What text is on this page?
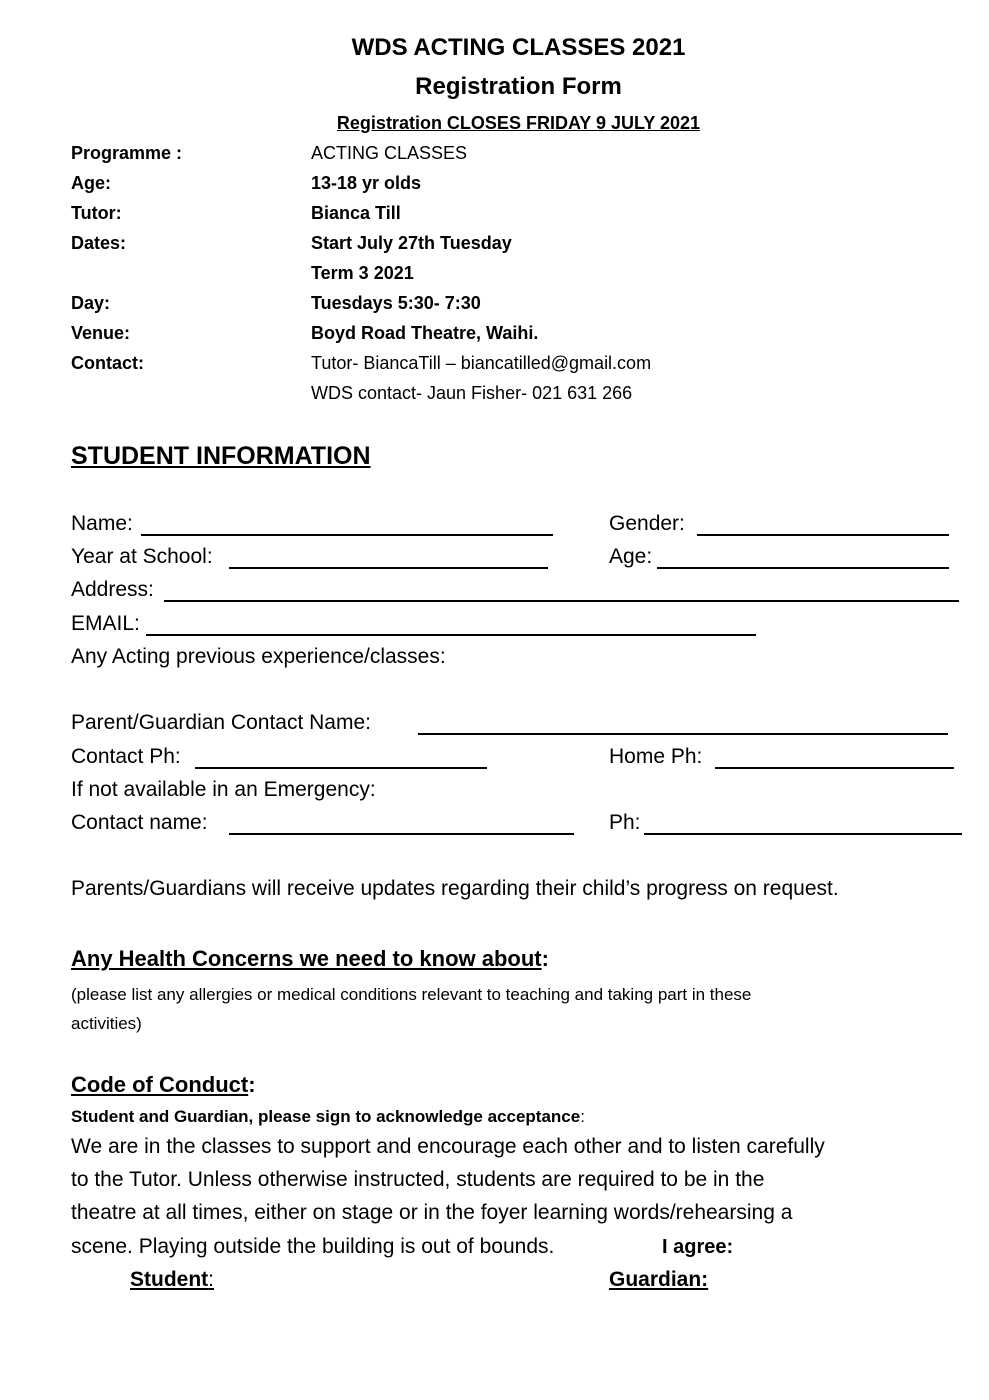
WDS ACTING CLASSES 2021
Registration Form
Registration CLOSES FRIDAY 9 JULY 2021
Programme :	ACTING CLASSES
Age:	13-18 yr olds
Tutor:	Bianca Till
Dates:	Start July 27th Tuesday
Term 3 2021
Day:	Tuesdays 5:30- 7:30
Venue:	Boyd Road Theatre, Waihi.
Contact:	Tutor- BiancaTill – biancatilled@gmail.com
WDS contact- Jaun Fisher- 021 631 266
STUDENT INFORMATION
Name:	Gender:
Year at School:	Age:
Address:
EMAIL:
Any Acting previous experience/classes:
Parent/Guardian Contact Name:
Contact Ph:	Home Ph:
If not available in an Emergency:
Contact name:	Ph:
Parents/Guardians will receive updates regarding their child’s progress on request.
Any Health Concerns we need to know about:
(please list any allergies or medical conditions relevant to teaching and taking part in these
activities)
Code of Conduct:
Student and Guardian, please sign to acknowledge acceptance:
We are in the classes to support and encourage each other and to listen carefully
to the Tutor. Unless otherwise instructed, students are required to be in the
theatre at all times, either on stage or in the foyer learning words/rehearsing a
scene. Playing outside the building is out of bounds.	I agree:
Student:	Guardian:
